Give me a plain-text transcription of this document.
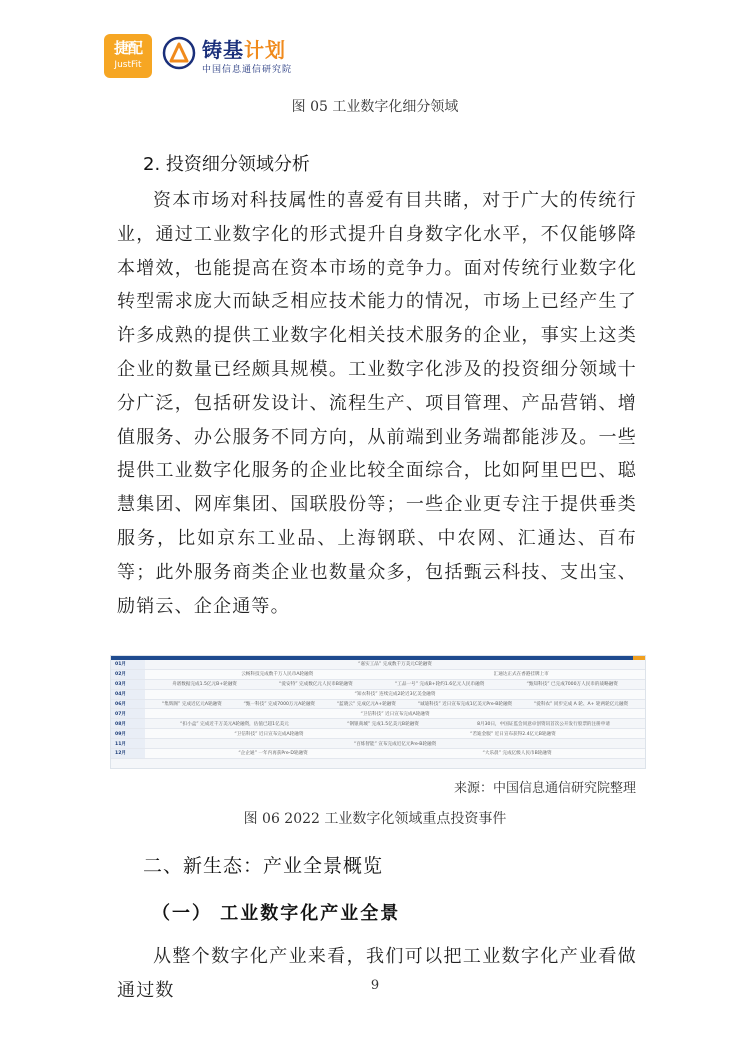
捷配
JustFit
铸基计划
中国信息通信研究院
图 05 工业数字化细分领域
2. 投资细分领域分析

资本市场对科技属性的喜爱有目共睹，对于广大的传统行业，通过工业数字化的形式提升自身数字化水平，不仅能够降本增效，也能提高在资本市场的竞争力。面对传统行业数字化转型需求庞大而缺乏相应技术能力的情况，市场上已经产生了许多成熟的提供工业数字化相关技术服务的企业，事实上这类企业的数量已经颇具规模。工业数字化涉及的投资细分领域十分广泛，包括研发设计、流程生产、项目管理、产品营销、增值服务、办公服务不同方向，从前端到业务端都能涉及。一些提供工业数字化服务的企业比较全面综合，比如阿里巴巴、聪慧集团、网库集团、国联股份等；一些企业更专注于提供垂类服务，比如京东工业品、上海钢联、中农网、汇通达、百布等；此外服务商类企业也数量众多，包括甄云科技、支出宝、励销云、企企通等。

01月	“嘉实工品” 完成数千万美元C轮融资
02月	云畅科技完成数千万人民币A轮融资	汇通达正式在香港挂牌上市
03月	舟谱数据完成1.5亿元B+轮融资	“爱安特” 完成数亿元人民币B轮融资	“工品一号” 完成B+轮约1.6亿元人民币融资	“甄知科技” 已完成7000万人民币的战略融资
04月	“知衣科技” 连续完成2轮近3亿美金融资
06月	“集辉阁” 完成近亿元A轮融资	“甄一科技” 完成7000万元A轮融资	“蓝晓云” 完成亿元A+轮融资	“诚迪科技” 近日宣布完成1亿美元Pre-B轮融资	“爱科农” 同步完成 A 轮、A+ 轮两轮亿元融资
07月	“卫信科技” 近日宣布完成A轮融资
08月	“扣小盒” 完成近千万美元A轮融资，估值已超1亿美元	“钢银商城” 完成1.5亿美元B轮融资	8月30日，中国证监会同意卓创资讯首次公开发行股票的注册申请
09月	“卫信科技” 近日宣布完成A轮融资	“若迪金服” 近日宣布获得2.4亿元B轮融资
11月	“百炼智能” 宣布完成近亿元Pre-B轮融资
12月	“企企通” 一年内再获Pre-D轮融资	“大乐晨” 完成亿级人民币B轮融资
来源：中国信息通信研究院整理
图 06 2022 工业数字化领域重点投资事件
二、新生态：产业全景概览
（一） 工业数字化产业全景

从整个数字化产业来看，我们可以把工业数字化产业看做通过数	9
